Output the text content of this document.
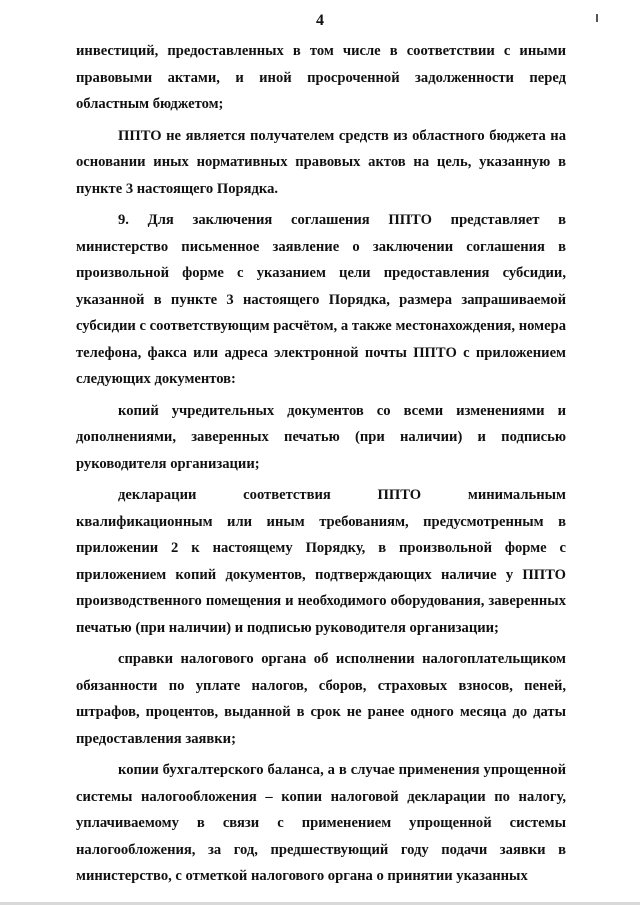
4

инвестиций, предоставленных в том числе в соответствии с иными правовыми актами, и иной просроченной задолженности перед областным бюджетом;

ППТО не является получателем средств из областного бюджета на основании иных нормативных правовых актов на цель, указанную в пункте 3 настоящего Порядка.

9. Для заключения соглашения ППТО представляет в министерство письменное заявление о заключении соглашения в произвольной форме с указанием цели предоставления субсидии, указанной в пункте 3 настоящего Порядка, размера запрашиваемой субсидии с соответствующим расчётом, а также местонахождения, номера телефона, факса или адреса электронной почты ППТО с приложением следующих документов:

копий учредительных документов со всеми изменениями и дополнениями, заверенных печатью (при наличии) и подписью руководителя организации;

декларации соответствия ППТО минимальным квалификационным или иным требованиям, предусмотренным в приложении 2 к настоящему Порядку, в произвольной форме с приложением копий документов, подтверждающих наличие у ППТО производственного помещения и необходимого оборудования, заверенных печатью (при наличии) и подписью руководителя организации;

справки налогового органа об исполнении налогоплательщиком обязанности по уплате налогов, сборов, страховых взносов, пеней, штрафов, процентов, выданной в срок не ранее одного месяца до даты предоставления заявки;

копии бухгалтерского баланса, а в случае применения упрощенной системы налогообложения – копии налоговой декларации по налогу, уплачиваемому в связи с применением упрощенной системы налогообложения, за год, предшествующий году подачи заявки в министерство, с отметкой налогового органа о принятии указанных
